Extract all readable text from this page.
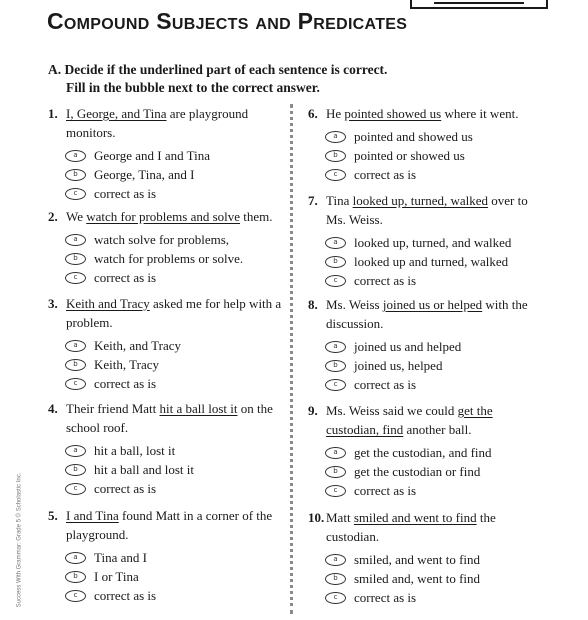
Compound Subjects and Predicates
A. Decide if the underlined part of each sentence is correct.
Fill in the bubble next to the correct answer.
1. I, George, and Tina are playground monitors.
a	George and I and Tina
b	George, Tina, and I
c	correct as is
2. We watch for problems and solve them.
a	watch solve for problems,
b	watch for problems or solve.
c	correct as is
3. Keith and Tracy asked me for help with a problem.
a	Keith, and Tracy
b	Keith, Tracy
c	correct as is
4. Their friend Matt hit a ball lost it on the school roof.
a	hit a ball, lost it
b	hit a ball and lost it
c	correct as is
5. I and Tina found Matt in a corner of the playground.
a	Tina and I
b	I or Tina
c	correct as is
6. He pointed showed us where it went.
a	pointed and showed us
b	pointed or showed us
c	correct as is
7. Tina looked up, turned, walked over to Ms. Weiss.
a	looked up, turned, and walked
b	looked up and turned, walked
c	correct as is
8. Ms. Weiss joined us or helped with the discussion.
a	joined us and helped
b	joined us, helped
c	correct as is
9. Ms. Weiss said we could get the custodian, find another ball.
a	get the custodian, and find
b	get the custodian or find
c	correct as is
10. Matt smiled and went to find the custodian.
a	smiled, and went to find
b	smiled and, went to find
c	correct as is
Success With Grammar: Grade 5 © Scholastic Inc.
